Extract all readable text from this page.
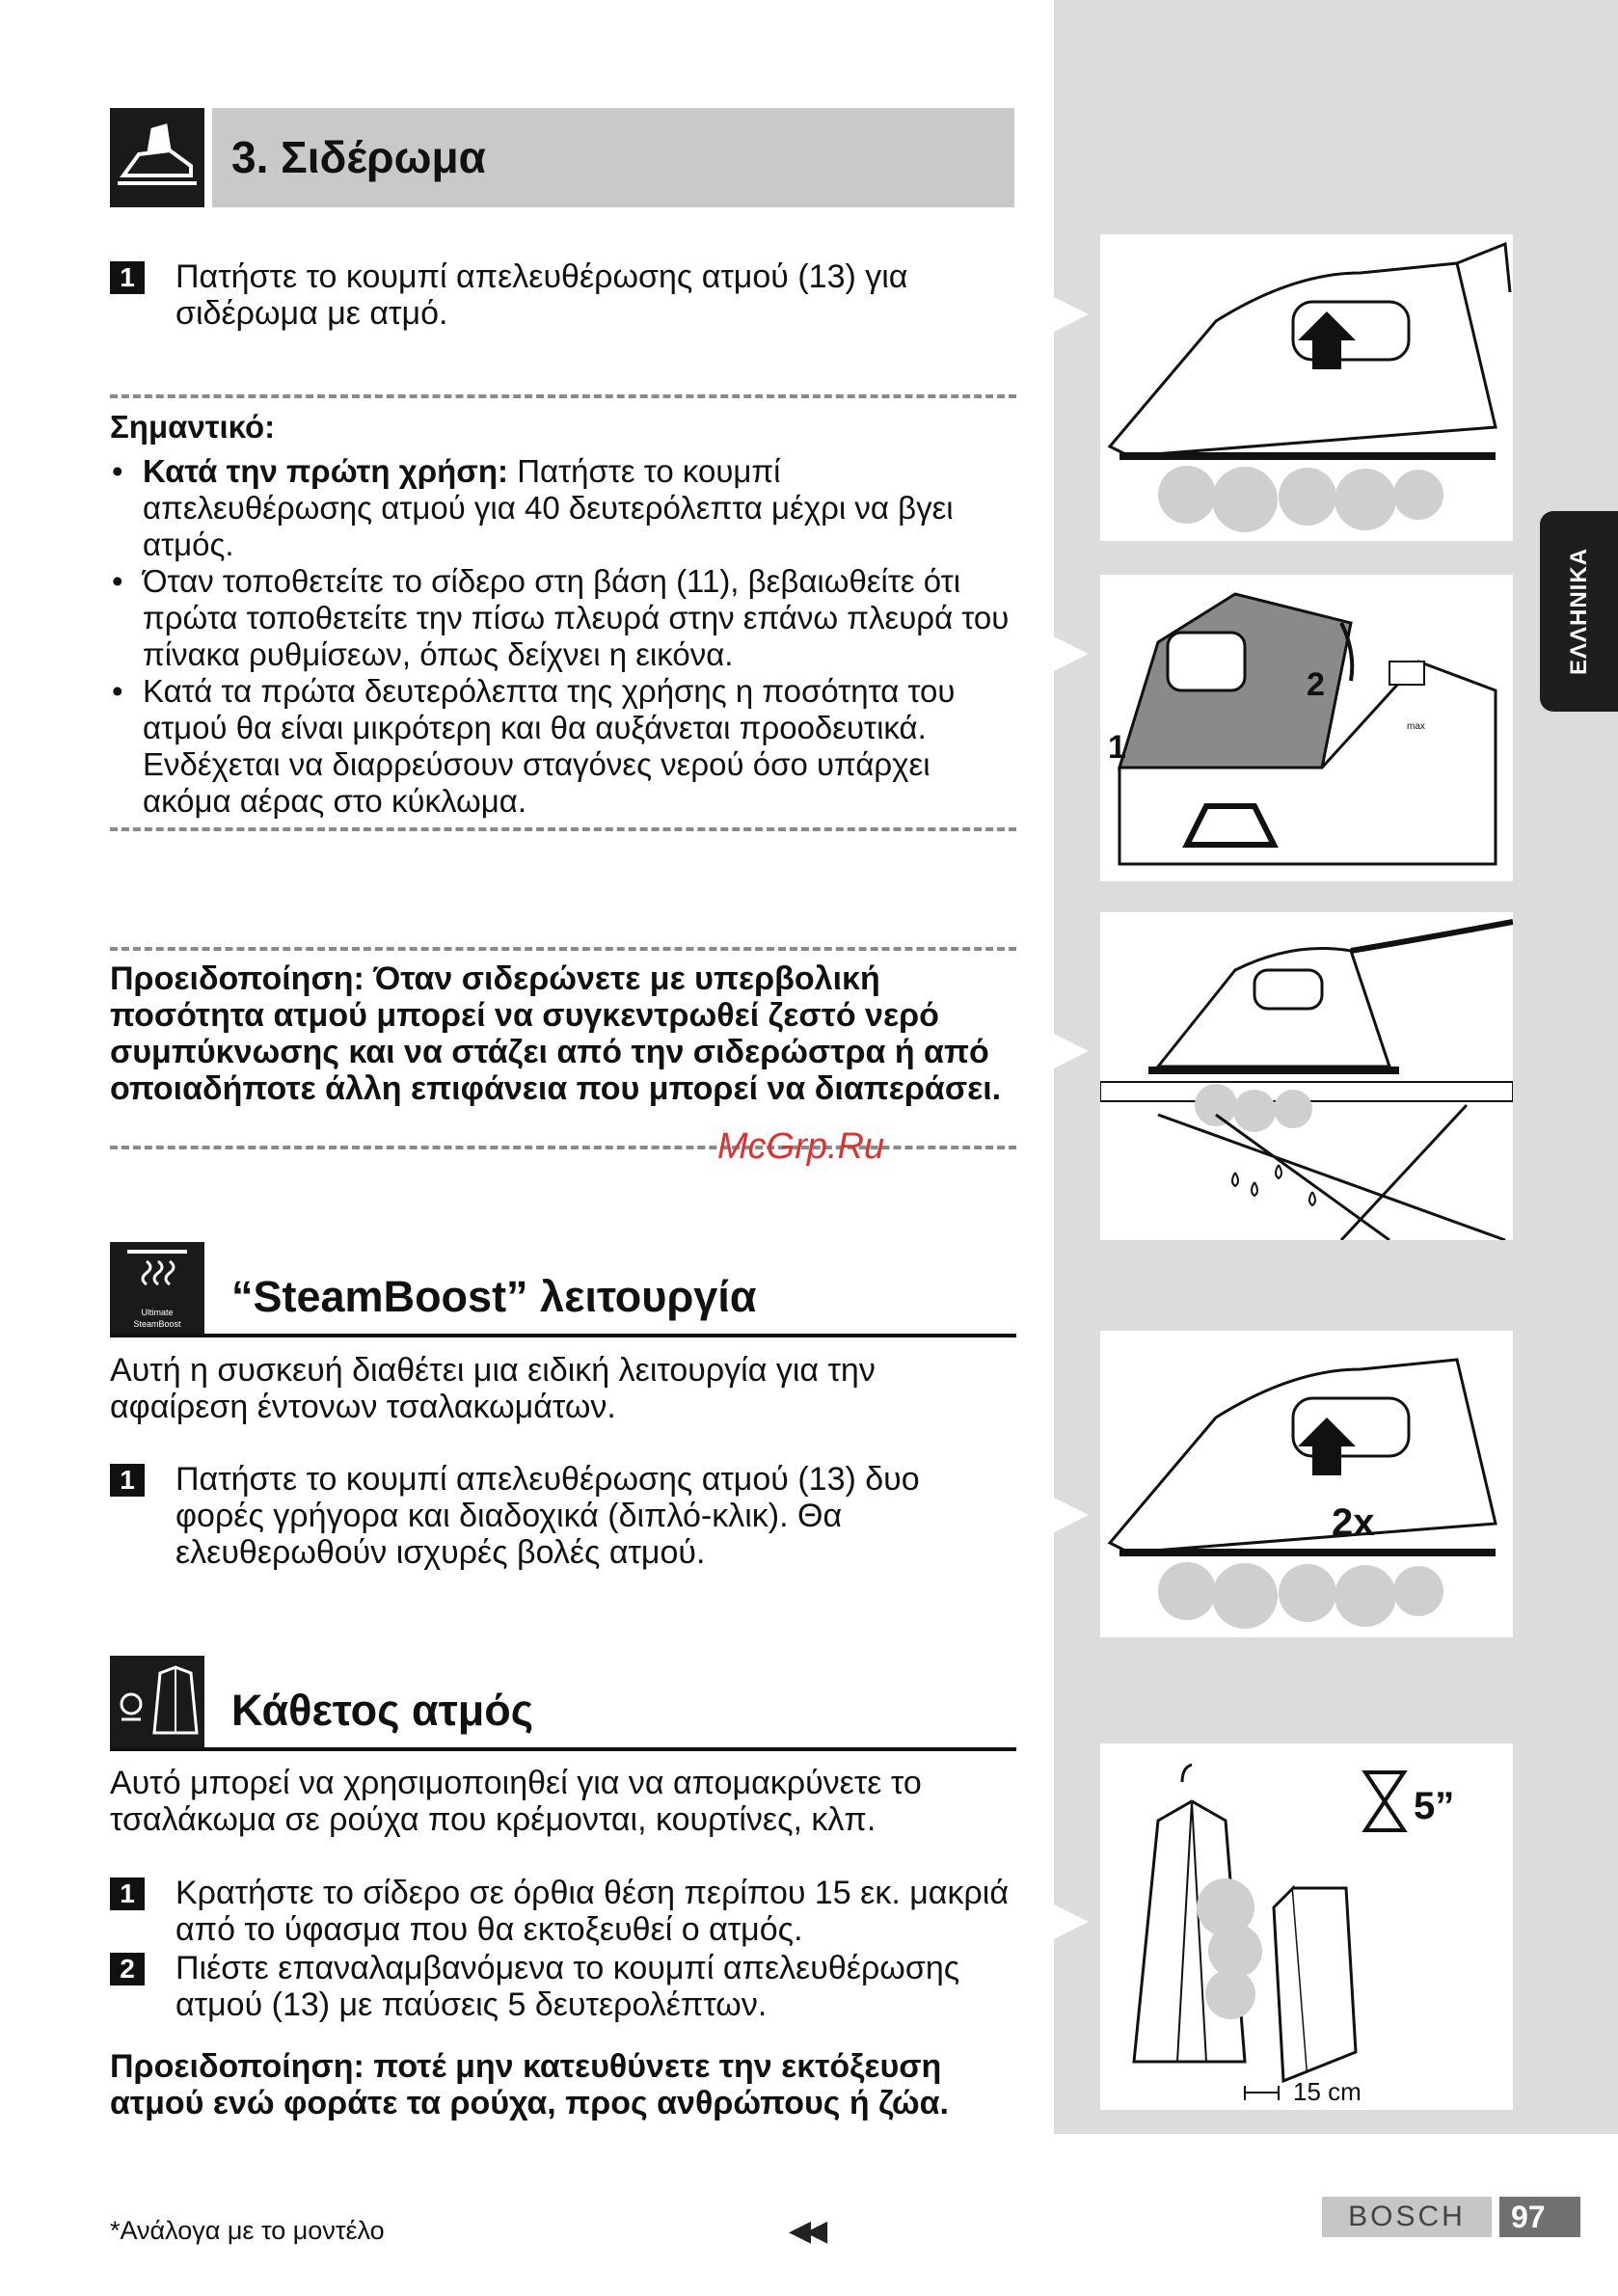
ΕΛΛΗΝΙΚΑ
3. Σιδέρωμα
1	Πατήστε το κουμπί απελευθέρωσης ατμού (13) για σιδέρωμα με ατμό.
Σημαντικό:
• Κατά την πρώτη χρήση: Πατήστε το κουμπί απελευθέρωσης ατμού για 40 δευτερόλεπτα μέχρι να βγει ατμός.
• Όταν τοποθετείτε το σίδερο στη βάση (11), βεβαιωθείτε ότι πρώτα τοποθετείτε την πίσω πλευρά στην επάνω πλευρά του πίνακα ρυθμίσεων, όπως δείχνει η εικόνα.
• Κατά τα πρώτα δευτερόλεπτα της χρήσης η ποσότητα του ατμού θα είναι μικρότερη και θα αυξάνεται προοδευτικά. Ενδέχεται να διαρρεύσουν σταγόνες νερού όσο υπάρχει ακόμα αέρας στο κύκλωμα.
Προειδοποίηση: Όταν σιδερώνετε με υπερβολική ποσότητα ατμού μπορεί να συγκεντρωθεί ζεστό νερό συμπύκνωσης και να στάζει από την σιδερώστρα ή από οποιαδήποτε άλλη επιφάνεια που μπορεί να διαπεράσει.
McGrp.Ru
Ultimate
SteamBoost
“SteamBoost” λειτουργία
Αυτή η συσκευή διαθέτει μια ειδική λειτουργία για την αφαίρεση έντονων τσαλακωμάτων.
1	Πατήστε το κουμπί απελευθέρωσης ατμού (13) δυο φορές γρήγορα και διαδοχικά (διπλό-κλικ). Θα ελευθερωθούν ισχυρές βολές ατμού.
Κάθετος ατμός
Αυτό μπορεί να χρησιμοποιηθεί για να απομακρύνετε το τσαλάκωμα σε ρούχα που κρέμονται, κουρτίνες, κλπ.
1	Κρατήστε το σίδερο σε όρθια θέση περίπου 15 εκ. μακριά από το ύφασμα που θα εκτοξευθεί ο ατμός.
2	Πιέστε επαναλαμβανόμενα το κουμπί απελευθέρωσης ατμού (13) με παύσεις 5 δευτερολέπτων.
Προειδοποίηση: ποτέ μην κατευθύνετε την εκτόξευση ατμού ενώ φοράτε τα ρούχα, προς ανθρώπους ή ζώα.
2
1
max
2x
5”
15 cm
*Ανάλογα με το μοντέλο	◀◀	BOSCH	97
